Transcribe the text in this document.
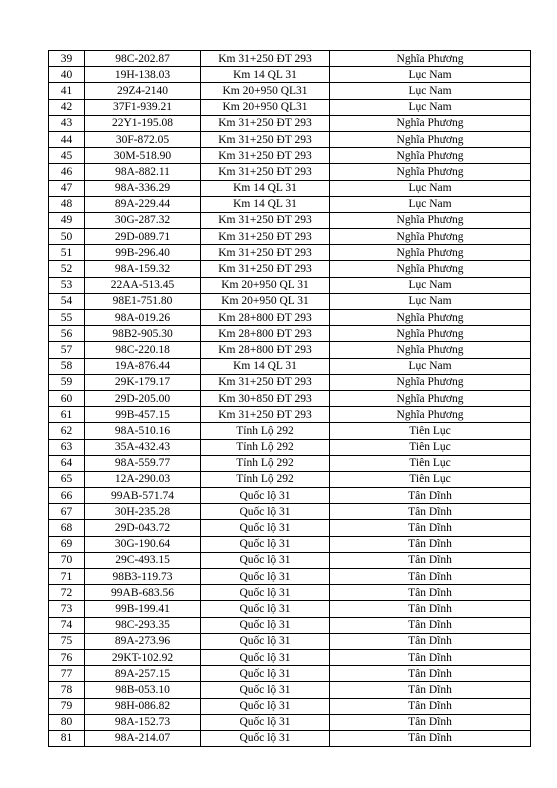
39	98C-202.87	Km 31+250 ĐT 293	Nghĩa Phương
40	19H-138.03	Km 14 QL 31	Lục Nam
41	29Z4-2140	Km 20+950 QL31	Lục Nam
42	37F1-939.21	Km 20+950 QL31	Lục Nam
43	22Y1-195.08	Km 31+250 ĐT 293	Nghĩa Phương
44	30F-872.05	Km 31+250 ĐT 293	Nghĩa Phương
45	30M-518.90	Km 31+250 ĐT 293	Nghĩa Phương
46	98A-882.11	Km 31+250 ĐT 293	Nghĩa Phương
47	98A-336.29	Km 14 QL 31	Lục Nam
48	89A-229.44	Km 14 QL 31	Lục Nam
49	30G-287.32	Km 31+250 ĐT 293	Nghĩa Phương
50	29D-089.71	Km 31+250 ĐT 293	Nghĩa Phương
51	99B-296.40	Km 31+250 ĐT 293	Nghĩa Phương
52	98A-159.32	Km 31+250 ĐT 293	Nghĩa Phương
53	22AA-513.45	Km 20+950 QL 31	Lục Nam
54	98E1-751.80	Km 20+950 QL 31	Lục Nam
55	98A-019.26	Km 28+800 ĐT 293	Nghĩa Phương
56	98B2-905.30	Km 28+800 ĐT 293	Nghĩa Phương
57	98C-220.18	Km 28+800 ĐT 293	Nghĩa Phương
58	19A-876.44	Km 14 QL 31	Lục Nam
59	29K-179.17	Km 31+250 ĐT 293	Nghĩa Phương
60	29D-205.00	Km 30+850 ĐT 293	Nghĩa Phương
61	99B-457.15	Km 31+250 ĐT 293	Nghĩa Phương
62	98A-510.16	Tỉnh Lộ 292	Tiên Lục
63	35A-432.43	Tỉnh Lộ 292	Tiên Lục
64	98A-559.77	Tỉnh Lộ 292	Tiên Lục
65	12A-290.03	Tỉnh Lộ 292	Tiên Lục
66	99AB-571.74	Quốc lộ 31	Tân Dĩnh
67	30H-235.28	Quốc lộ 31	Tân Dĩnh
68	29D-043.72	Quốc lộ 31	Tân Dĩnh
69	30G-190.64	Quốc lộ 31	Tân Dĩnh
70	29C-493.15	Quốc lộ 31	Tân Dĩnh
71	98B3-119.73	Quốc lộ 31	Tân Dĩnh
72	99AB-683.56	Quốc lộ 31	Tân Dĩnh
73	99B-199.41	Quốc lộ 31	Tân Dĩnh
74	98C-293.35	Quốc lộ 31	Tân Dĩnh
75	89A-273.96	Quốc lộ 31	Tân Dĩnh
76	29KT-102.92	Quốc lộ 31	Tân Dĩnh
77	89A-257.15	Quốc lộ 31	Tân Dĩnh
78	98B-053.10	Quốc lộ 31	Tân Dĩnh
79	98H-086.82	Quốc lộ 31	Tân Dĩnh
80	98A-152.73	Quốc lộ 31	Tân Dĩnh
81	98A-214.07	Quốc lộ 31	Tân Dĩnh
